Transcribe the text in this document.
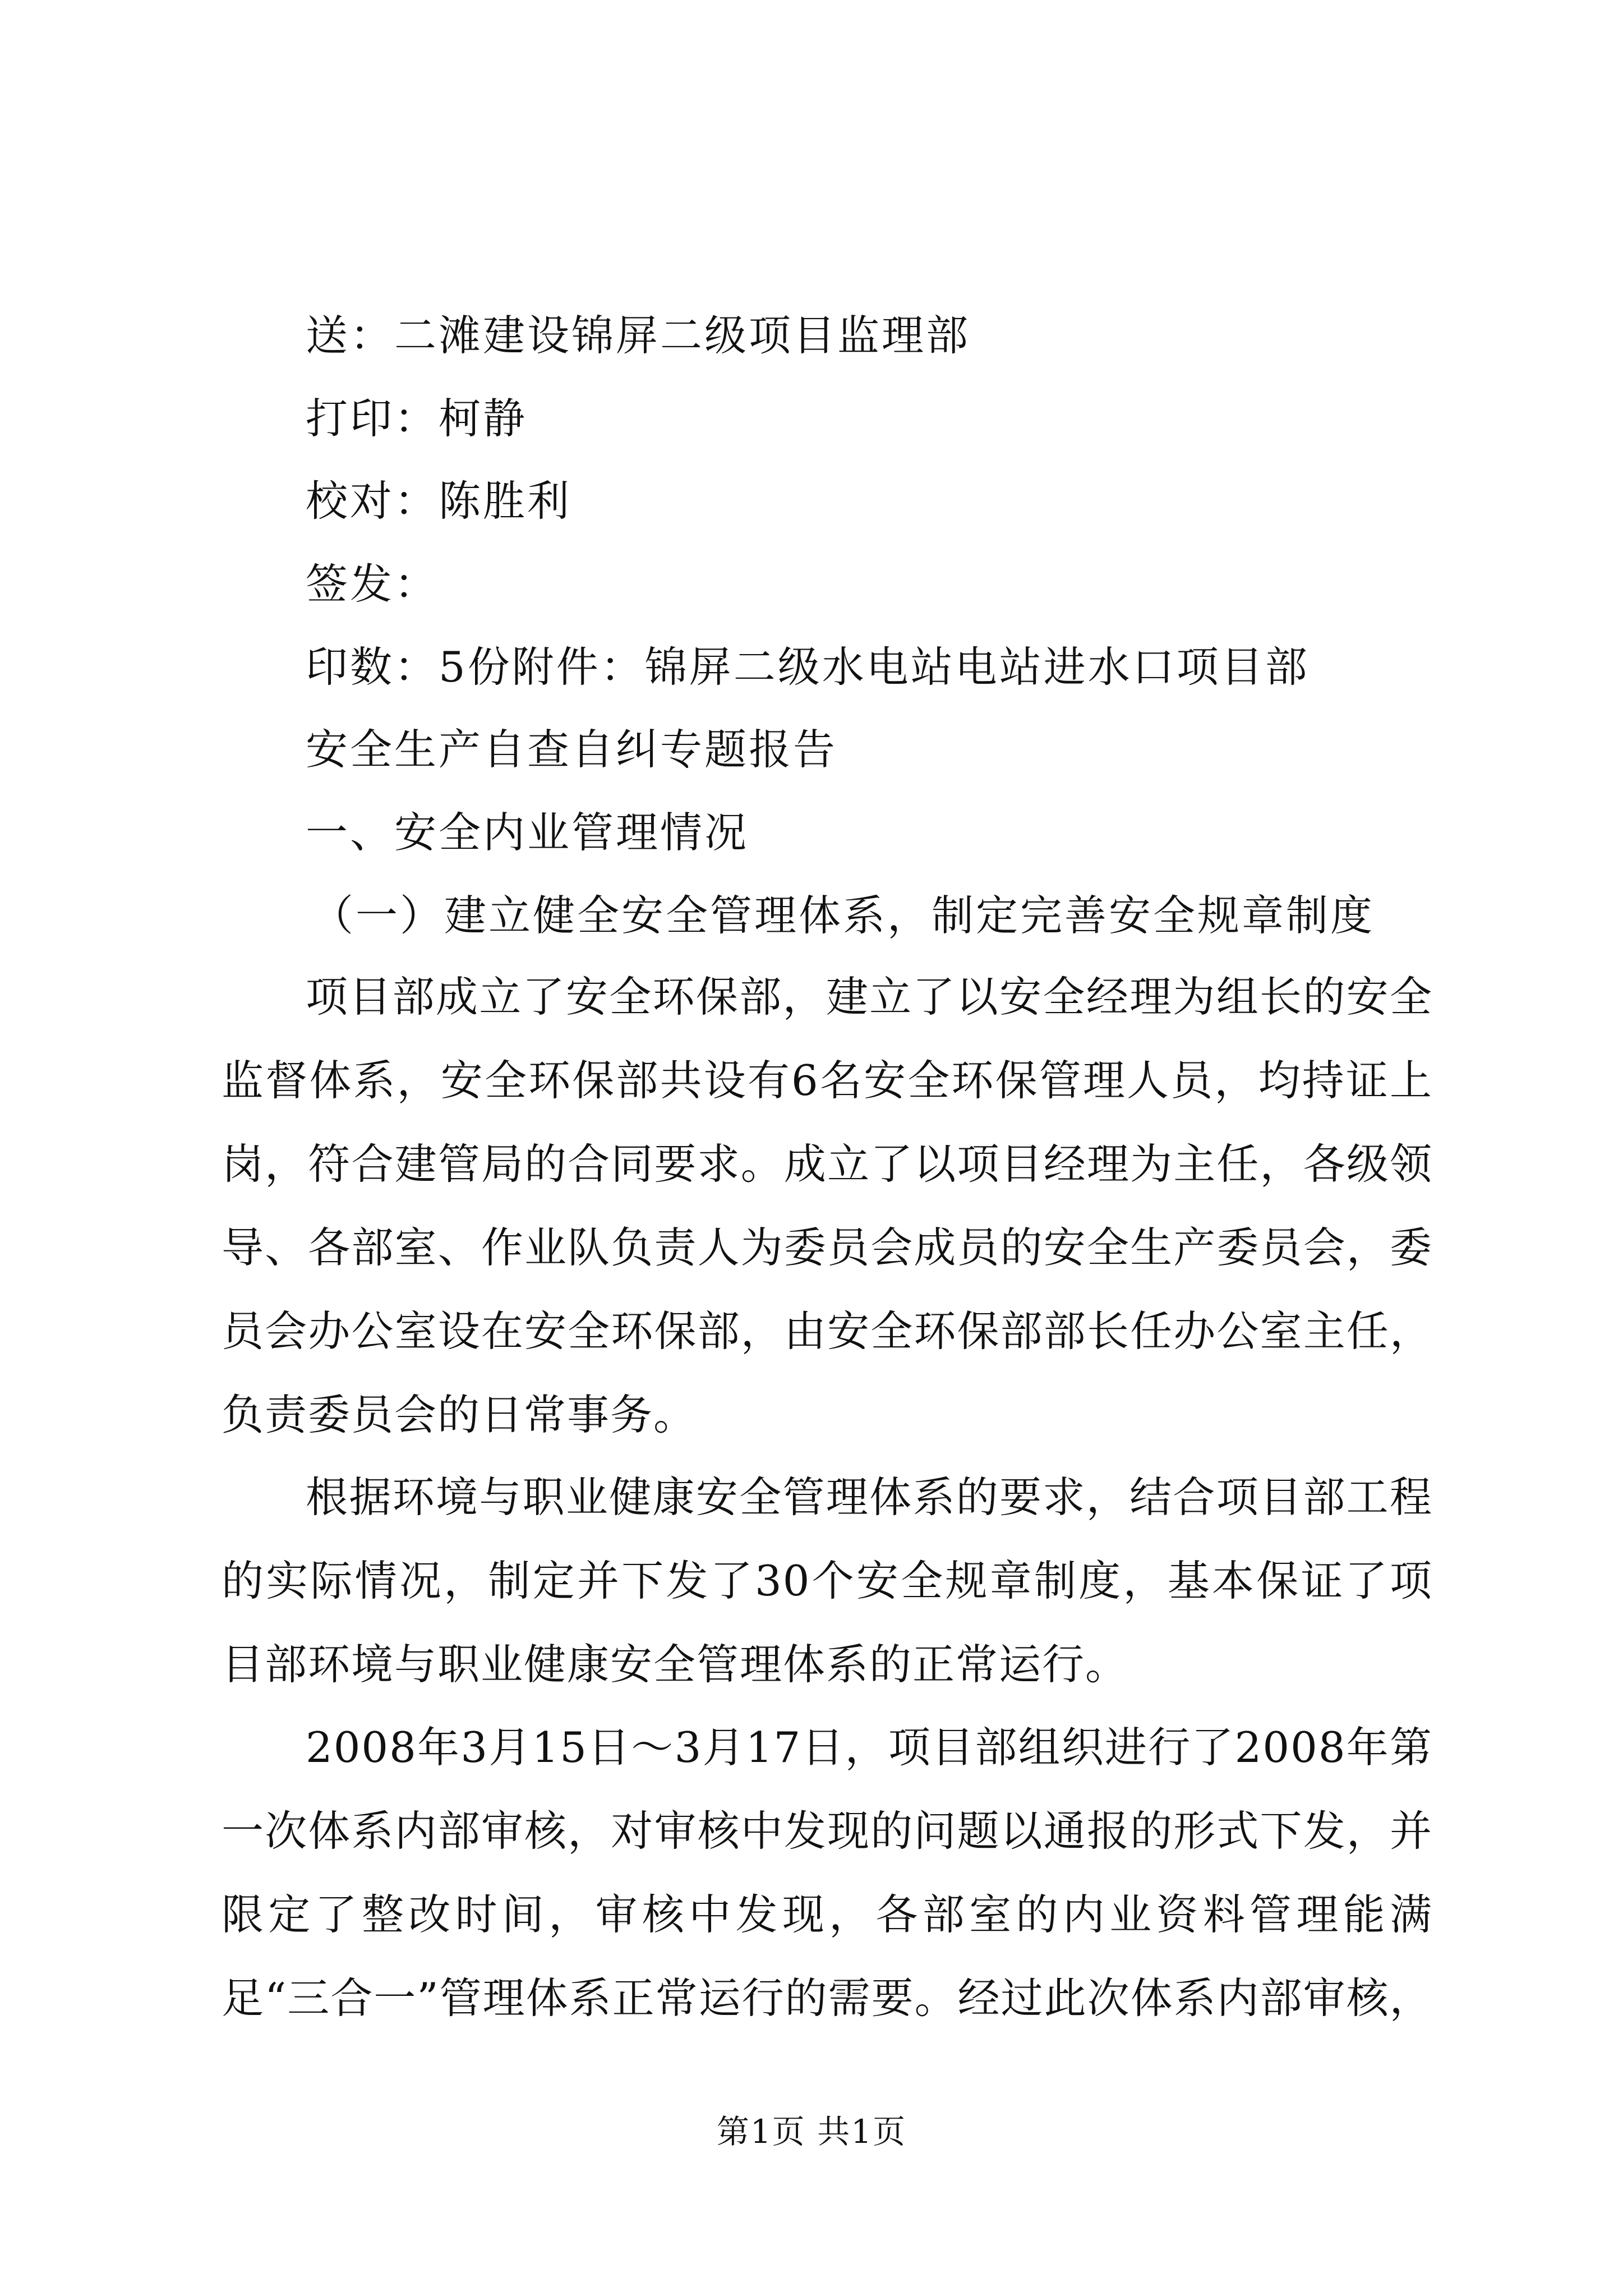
送：二滩建设锦屏二级项目监理部
打印：柯静
校对：陈胜利
签发：
印数：5份附件：锦屏二级水电站电站进水口项目部
安全生产自查自纠专题报告
一、安全内业管理情况
（一）建立健全安全管理体系，制定完善安全规章制度
项目部成立了安全环保部，建立了以安全经理为组长的安全监督体系，安全环保部共设有6名安全环保管理人员，均持证上岗，符合建管局的合同要求。成立了以项目经理为主任，各级领导、各部室、作业队负责人为委员会成员的安全生产委员会，委员会办公室设在安全环保部，由安全环保部部长任办公室主任，负责委员会的日常事务。
根据环境与职业健康安全管理体系的要求，结合项目部工程的实际情况，制定并下发了30个安全规章制度，基本保证了项目部环境与职业健康安全管理体系的正常运行。
2008年3月15日～3月17日，项目部组织进行了2008年第一次体系内部审核，对审核中发现的问题以通报的形式下发，并限定了整改时间，审核中发现，各部室的内业资料管理能满足“三合一”管理体系正常运行的需要。经过此次体系内部审核，
第1页 共1页
